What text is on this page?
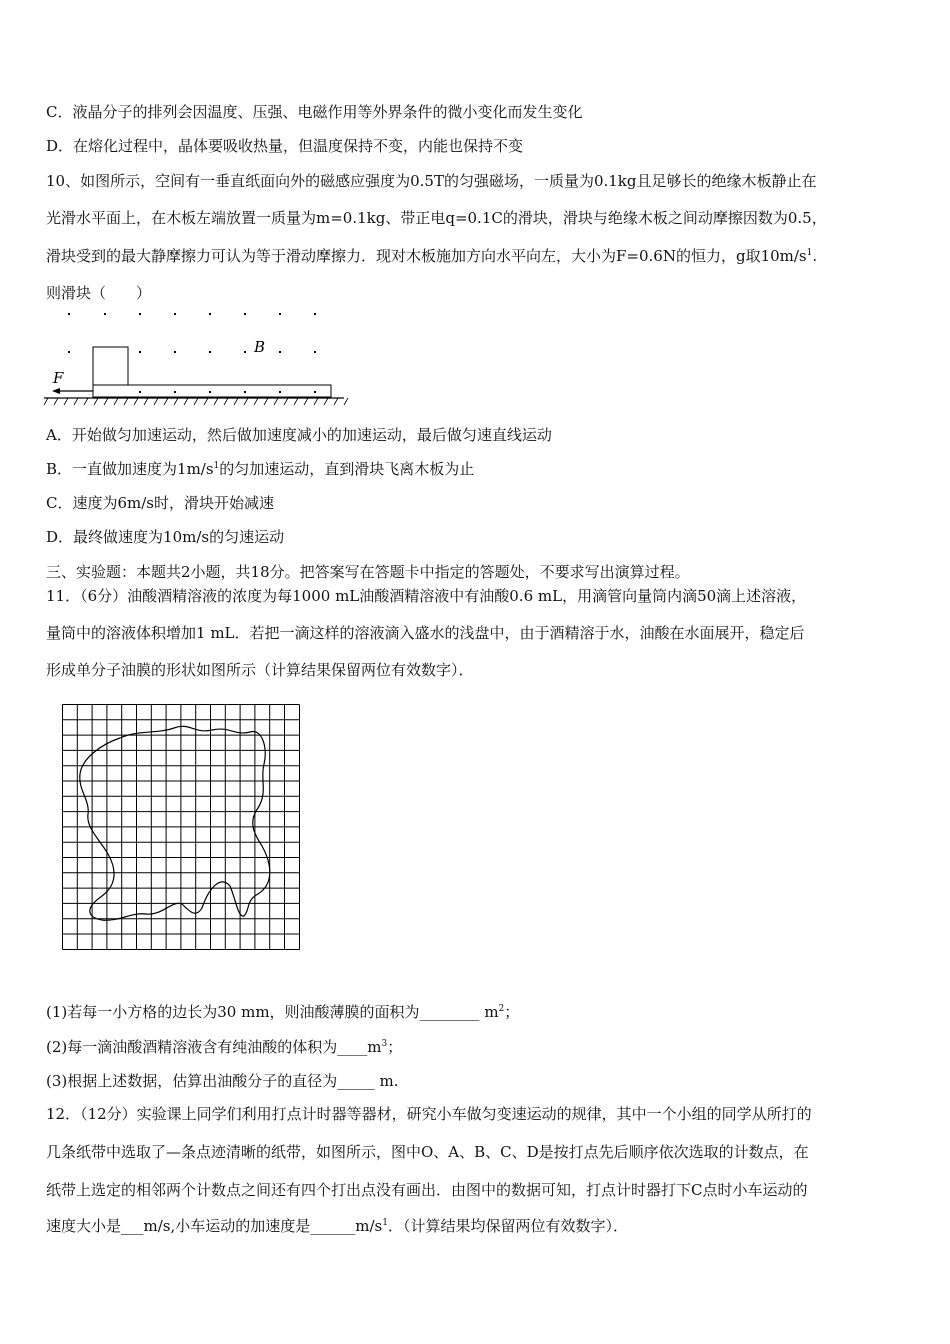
C．液晶分子的排列会因温度、压强、电磁作用等外界条件的微小变化而发生变化
D．在熔化过程中，晶体要吸收热量，但温度保持不变，内能也保持不变
10、如图所示，空间有一垂直纸面向外的磁感应强度为0.5T的匀强磁场，一质量为0.1kg且足够长的绝缘木板静止在
光滑水平面上，在木板左端放置一质量为m=0.1kg、带正电q=0.1C的滑块，滑块与绝缘木板之间动摩擦因数为0.5，
滑块受到的最大静摩擦力可认为等于滑动摩擦力．现对木板施加方向水平向左，大小为F=0.6N的恒力，g取$10m/s^1$.
则滑块（　　）
F
B
A．开始做匀加速运动，然后做加速度减小的加速运动，最后做匀速直线运动
B．一直做加速度为$1m/s^1$的匀加速运动，直到滑块飞离木板为止
C．速度为6m/s时，滑块开始减速
D．最终做速度为10m/s的匀速运动
三、实验题：本题共2小题，共18分。把答案写在答题卡中指定的答题处，不要求写出演算过程。
11．（6分）油酸酒精溶液的浓度为每1000 mL油酸酒精溶液中有油酸0.6 mL，用滴管向量筒内滴50滴上述溶液，
量筒中的溶液体积增加1 mL．若把一滴这样的溶液滴入盛水的浅盘中，由于酒精溶于水，油酸在水面展开，稳定后
形成单分子油膜的形状如图所示（计算结果保留两位有效数字）．
(1)若每一小方格的边长为30 mm，则油酸薄膜的面积为________ $m^2$；
(2)每一滴油酸酒精溶液含有纯油酸的体积为$\_\_\_\_m^3$；
(3)根据上述数据，估算出油酸分子的直径为_____ m.
12．（12分）实验课上同学们利用打点计时器等器材，研究小车做匀变速运动的规律，其中一个小组的同学从所打的
几条纸带中选取了—条点迹清晰的纸带，如图所示，图中O、A、B、C、D是按打点先后顺序依次选取的计数点，在
纸带上选定的相邻两个计数点之间还有四个打出点没有画出．由图中的数据可知，打点计时器打下C点时小车运动的
速度大小是___m/s,小车运动的加速度是$\_\_\_\_\_\_m/s^1$．（计算结果均保留两位有效数字）．
